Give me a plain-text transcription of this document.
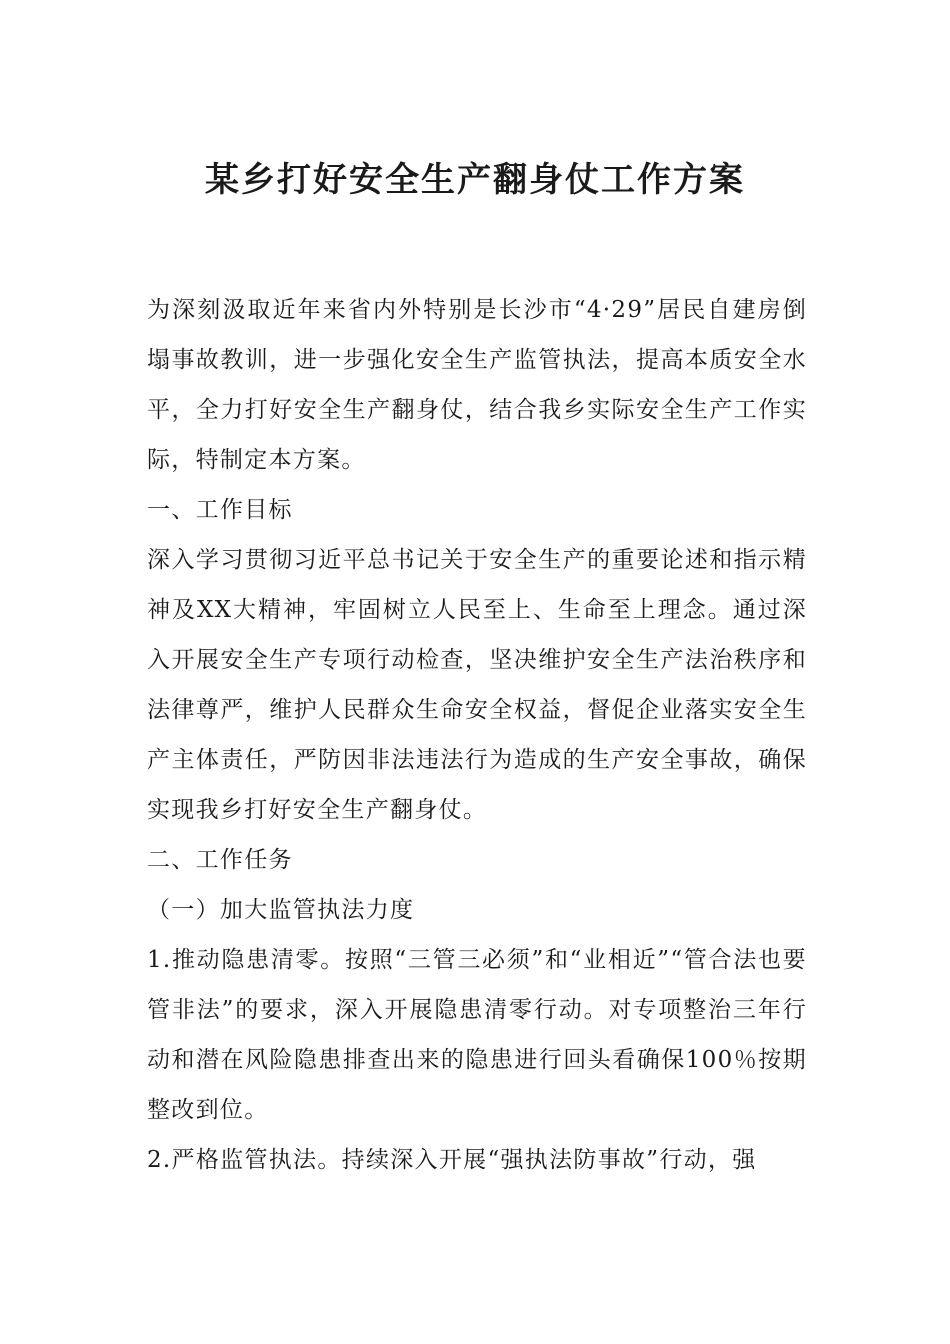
某乡打好安全生产翻身仗工作方案

为深刻汲取近年来省内外特别是长沙市“4·29”居民自建房倒塌事故教训，进一步强化安全生产监管执法，提高本质安全水平，全力打好安全生产翻身仗，结合我乡实际安全生产工作实际，特制定本方案。

一、工作目标

深入学习贯彻习近平总书记关于安全生产的重要论述和指示精神及XX大精神，牢固树立人民至上、生命至上理念。通过深入开展安全生产专项行动检查，坚决维护安全生产法治秩序和法律尊严，维护人民群众生命安全权益，督促企业落实安全生产主体责任，严防因非法违法行为造成的生产安全事故，确保实现我乡打好安全生产翻身仗。

二、工作任务

（一）加大监管执法力度

1.推动隐患清零。按照“三管三必须”和“业相近”“管合法也要管非法”的要求，深入开展隐患清零行动。对专项整治三年行动和潜在风险隐患排查出来的隐患进行回头看确保100％按期整改到位。

2.严格监管执法。持续深入开展“强执法防事故”行动，强
